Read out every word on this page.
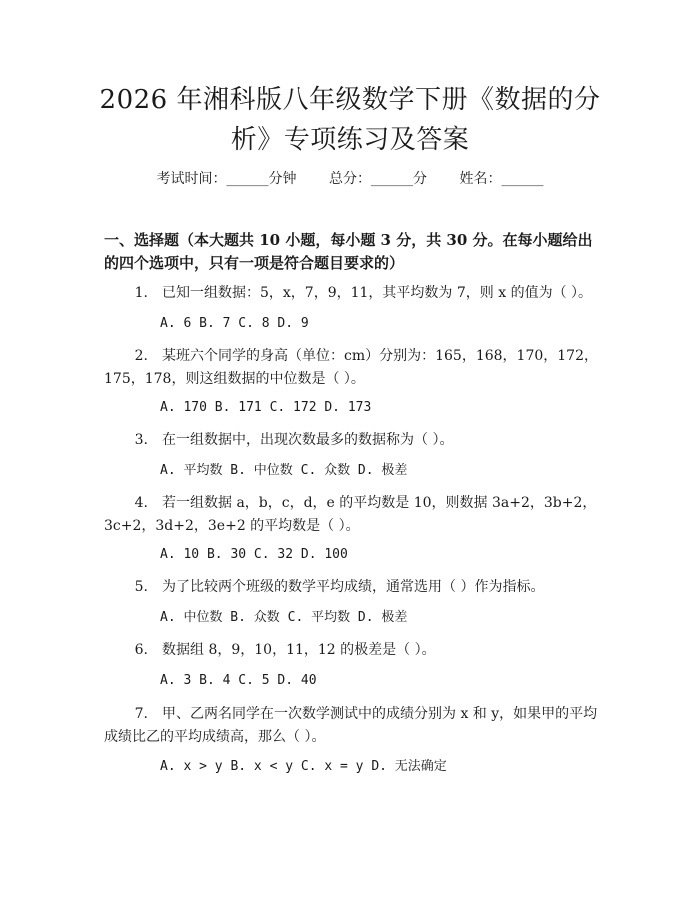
2026 年湘科版八年级数学下册《数据的分
析》专项练习及答案
考试时间：______分钟 总分：______分 姓名：______
一、选择题（本大题共 10 小题，每小题 3 分，共 30 分。在每小题给出的四个选项中，只有一项是符合题目要求的）
1. 已知一组数据：5，x，7，9，11，其平均数为 7，则 x 的值为（ ）。
A. 6 B. 7 C. 8 D. 9
2. 某班六个同学的身高（单位：cm）分别为：165，168，170，172，175，178，则这组数据的中位数是（ ）。
A. 170 B. 171 C. 172 D. 173
3. 在一组数据中，出现次数最多的数据称为（ ）。
A. 平均数 B. 中位数 C. 众数 D. 极差
4. 若一组数据 a，b，c，d，e 的平均数是 10，则数据 3a+2，3b+2，3c+2，3d+2，3e+2 的平均数是（ ）。
A. 10 B. 30 C. 32 D. 100
5. 为了比较两个班级的数学平均成绩，通常选用（ ）作为指标。
A. 中位数 B. 众数 C. 平均数 D. 极差
6. 数据组 8，9，10，11，12 的极差是（ ）。
A. 3 B. 4 C. 5 D. 40
7. 甲、乙两名同学在一次数学测试中的成绩分别为 x 和 y，如果甲的平均成绩比乙的平均成绩高，那么（ ）。
A. x > y B. x < y C. x = y D. 无法确定
